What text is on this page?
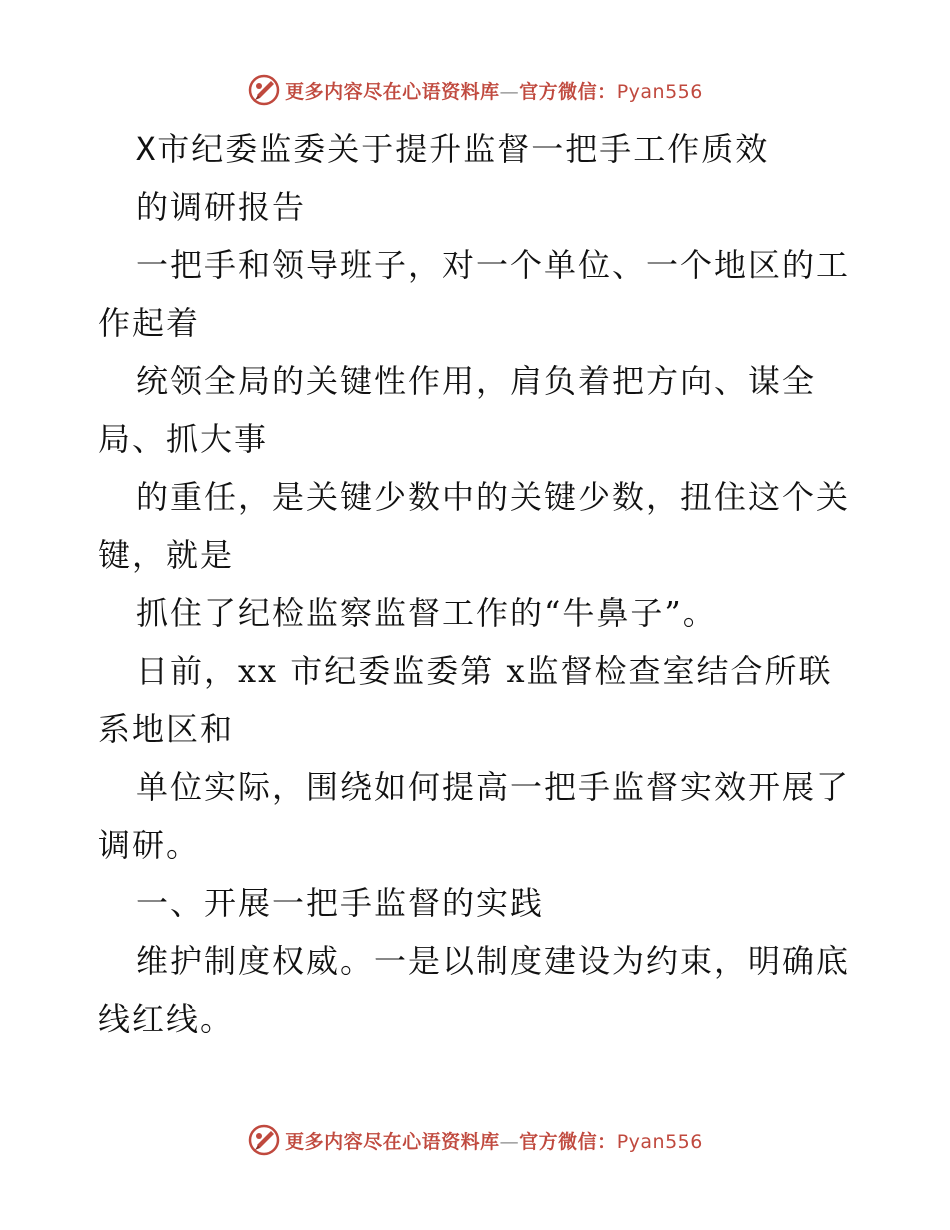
更多内容尽在心语资料库—官方微信：Pyan556
X市纪委监委关于提升监督一把手工作质效
的调研报告
一把手和领导班子，对一个单位、一个地区的工
作起着
统领全局的关键性作用，肩负着把方向、谋全
局、抓大事
的重任，是关键少数中的关键少数，扭住这个关
键，就是
抓住了纪检监察监督工作的“牛鼻子”。
日前，xx 市纪委监委第 x监督检查室结合所联
系地区和
单位实际，围绕如何提高一把手监督实效开展了
调研。
一、开展一把手监督的实践
维护制度权威。一是以制度建设为约束，明确底
线红线。
更多内容尽在心语资料库—官方微信：Pyan556
